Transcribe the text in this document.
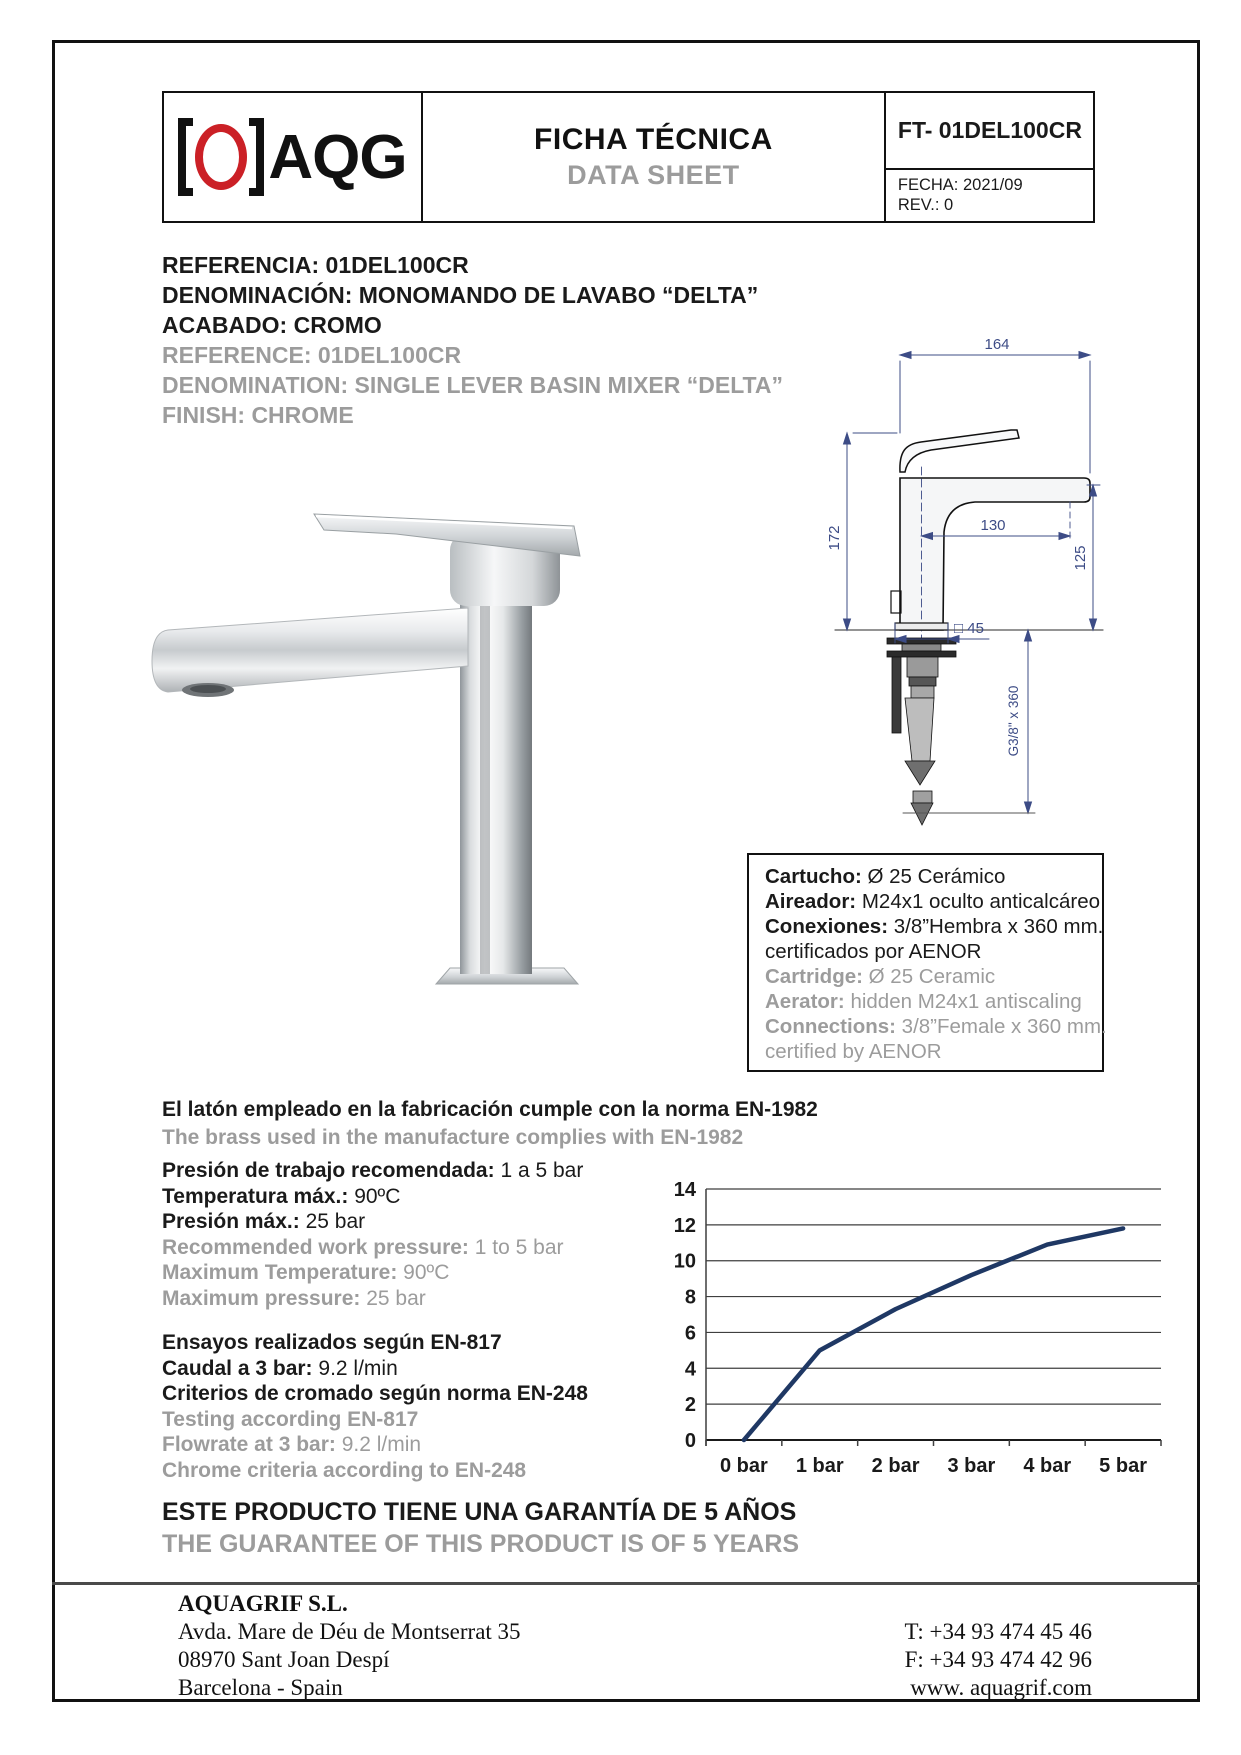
AQG	FICHA TÉCNICA
DATA SHEET
FT- 01DEL100CR
FECHA: 2021/09
REV.: 0
REFERENCIA: 01DEL100CR
DENOMINACIÓN: MONOMANDO DE LAVABO “DELTA”
ACABADO: CROMO
REFERENCE: 01DEL100CR
DENOMINATION: SINGLE LEVER BASIN MIXER “DELTA”
FINISH: CHROME
164
172	130
125
□ 45
G3/8" x 360
Cartucho: Ø 25 Cerámico
Aireador: M24x1 oculto anticalcáreo
Conexiones: 3/8”Hembra x 360 mm.
certificados por AENOR
Cartridge: Ø 25 Ceramic
Aerator: hidden M24x1 antiscaling
Connections: 3/8”Female x 360 mm.
certified by AENOR
El latón empleado en la fabricación cumple con la norma EN-1982
The brass used in the manufacture complies with EN-1982
Presión de trabajo recomendada: 1 a 5 bar
Temperatura máx.: 90ºC
Presión máx.: 25 bar
Recommended work pressure: 1 to 5 bar
Maximum Temperature: 90ºC
Maximum pressure: 25 bar
Ensayos realizados según EN-817
Caudal a 3 bar: 9.2 l/min
Criterios de cromado según norma EN-248
Testing according EN-817
Flowrate at 3 bar: 9.2 l/min
Chrome criteria according to EN-248
0
2
4
6
8
10
12
14
0 bar 1 bar 2 bar 3 bar 4 bar 5 bar
ESTE PRODUCTO TIENE UNA GARANTÍA DE 5 AÑOS
THE GUARANTEE OF THIS PRODUCT IS OF 5 YEARS
AQUAGRIF S.L.
Avda. Mare de Déu de Montserrat 35
08970 Sant Joan Despí
Barcelona - Spain
T: +34 93 474 45 46
F: +34 93 474 42 96
www. aquagrif.com
